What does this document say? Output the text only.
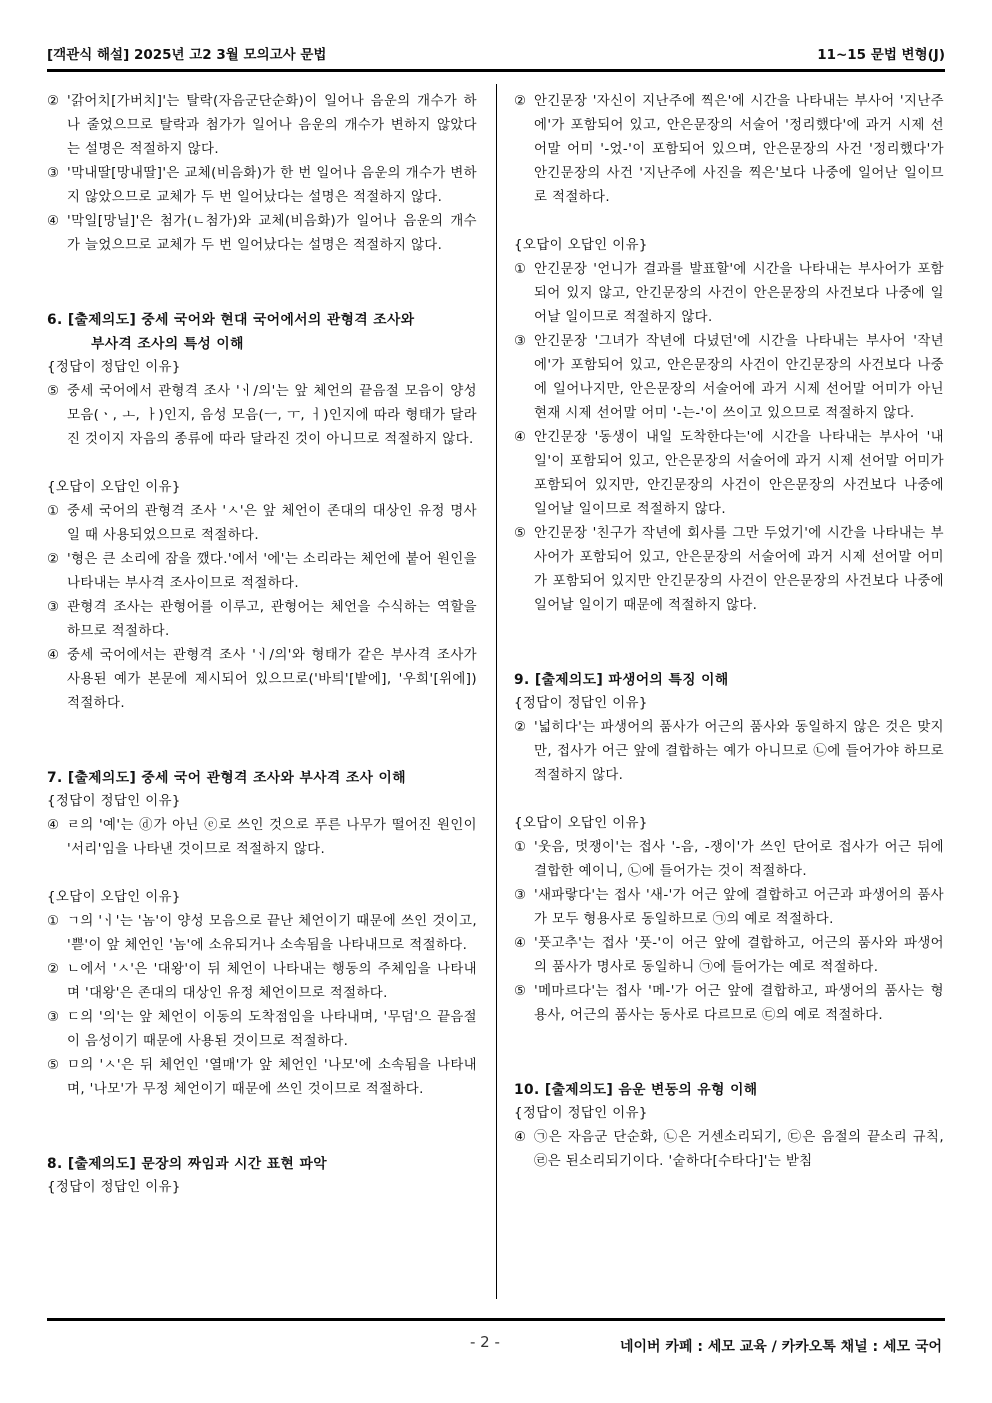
[객관식 해설] 2025년 고2 3월 모의고사 문법	11~15 문법 변형(J)
② '갉어치[가버치]'는 탈락(자음군단순화)이 일어나 음운의 개수가 하나 줄었으므로 탈락과 첨가가 일어나 음운의 개수가 변하지 않았다는 설명은 적절하지 않다.
③ '막내딸[망내딸]'은 교체(비음화)가 한 번 일어나 음운의 개수가 변하지 않았으므로 교체가 두 번 일어났다는 설명은 적절하지 않다.
④ '막일[망닐]'은 첨가(ㄴ첨가)와 교체(비음화)가 일어나 음운의 개수가 늘었으므로 교체가 두 번 일어났다는 설명은 적절하지 않다.
6. [출제의도] 중세 국어와 현대 국어에서의 관형격 조사와
부사격 조사의 특성 이해
{정답이 정답인 이유}
⑤ 중세 국어에서 관형격 조사 'ㆎ/의'는 앞 체언의 끝음절 모음이 양성 모음(ㆍ, ㅗ, ㅏ)인지, 음성 모음(ㅡ, ㅜ, ㅓ)인지에 따라 형태가 달라진 것이지 자음의 종류에 따라 달라진 것이 아니므로 적절하지 않다.
{오답이 오답인 이유}
① 중세 국어의 관형격 조사 'ㅅ'은 앞 체언이 존대의 대상인 유정 명사일 때 사용되었으므로 적절하다.
② '형은 큰 소리에 잠을 깼다.'에서 '에'는 소리라는 체언에 붙어 원인을 나타내는 부사격 조사이므로 적절하다.
③ 관형격 조사는 관형어를 이루고, 관형어는 체언을 수식하는 역할을 하므로 적절하다.
④ 중세 국어에서는 관형격 조사 'ㆎ/의'와 형태가 같은 부사격 조사가 사용된 예가 본문에 제시되어 있으므로('바틔'[밭에], '우희'[위에]) 적절하다.
7. [출제의도] 중세 국어 관형격 조사와 부사격 조사 이해
{정답이 정답인 이유}
④ ㄹ의 '예'는 ⓓ가 아닌 ⓔ로 쓰인 것으로 푸른 나무가 떨어진 원인이 '서리'임을 나타낸 것이므로 적절하지 않다.
{오답이 오답인 이유}
① ㄱ의 'ㆎ'는 '놈'이 양성 모음으로 끝난 체언이기 때문에 쓰인 것이고, '쁟'이 앞 체언인 '놈'에 소유되거나 소속됨을 나타내므로 적절하다.
② ㄴ에서 'ㅅ'은 '대왕'이 뒤 체언이 나타내는 행동의 주체임을 나타내며 '대왕'은 존대의 대상인 유정 체언이므로 적절하다.
③ ㄷ의 '의'는 앞 체언이 이동의 도착점임을 나타내며, '무덤'으 끝음절이 음성이기 때문에 사용된 것이므로 적절하다.
⑤ ㅁ의 'ㅅ'은 뒤 체언인 '열매'가 앞 체언인 '나모'에 소속됨을 나타내며, '나모'가 무정 체언이기 때문에 쓰인 것이므로 적절하다.
8. [출제의도] 문장의 짜임과 시간 표현 파악
{정답이 정답인 이유}
② 안긴문장 '자신이 지난주에 찍은'에 시간을 나타내는 부사어 '지난주에'가 포함되어 있고, 안은문장의 서술어 '정리했다'에 과거 시제 선어말 어미 '-었-'이 포함되어 있으며, 안은문장의 사건 '정리했다'가 안긴문장의 사건 '지난주에 사진을 찍은'보다 나중에 일어난 일이므로 적절하다.
{오답이 오답인 이유}
① 안긴문장 '언니가 결과를 발표할'에 시간을 나타내는 부사어가 포함되어 있지 않고, 안긴문장의 사건이 안은문장의 사건보다 나중에 일어날 일이므로 적절하지 않다.
③ 안긴문장 '그녀가 작년에 다녔던'에 시간을 나타내는 부사어 '작년에'가 포함되어 있고, 안은문장의 사건이 안긴문장의 사건보다 나중에 일어나지만, 안은문장의 서술어에 과거 시제 선어말 어미가 아닌 현재 시제 선어말 어미 '-는-'이 쓰이고 있으므로 적절하지 않다.
④ 안긴문장 '동생이 내일 도착한다는'에 시간을 나타내는 부사어 '내일'이 포함되어 있고, 안은문장의 서술어에 과거 시제 선어말 어미가 포함되어 있지만, 안긴문장의 사건이 안은문장의 사건보다 나중에 일어날 일이므로 적절하지 않다.
⑤ 안긴문장 '친구가 작년에 회사를 그만 두었기'에 시간을 나타내는 부사어가 포함되어 있고, 안은문장의 서술어에 과거 시제 선어말 어미가 포함되어 있지만 안긴문장의 사건이 안은문장의 사건보다 나중에 일어날 일이기 때문에 적절하지 않다.
9. [출제의도] 파생어의 특징 이해
{정답이 정답인 이유}
② '넓히다'는 파생어의 품사가 어근의 품사와 동일하지 않은 것은 맞지만, 접사가 어근 앞에 결합하는 예가 아니므로 ㉡에 들어가야 하므로 적절하지 않다.
{오답이 오답인 이유}
① '웃음, 멋쟁이'는 접사 '-음, -쟁이'가 쓰인 단어로 접사가 어근 뒤에 결합한 예이니, ㉡에 들어가는 것이 적절하다.
③ '새파랗다'는 접사 '새-'가 어근 앞에 결합하고 어근과 파생어의 품사가 모두 형용사로 동일하므로 ㉠의 예로 적절하다.
④ '풋고추'는 접사 '풋-'이 어근 앞에 결합하고, 어근의 품사와 파생어의 품사가 명사로 동일하니 ㉠에 들어가는 예로 적절하다.
⑤ '메마르다'는 접사 '메-'가 어근 앞에 결합하고, 파생어의 품사는 형용사, 어근의 품사는 동사로 다르므로 ㉢의 예로 적절하다.
10. [출제의도] 음운 변동의 유형 이해
{정답이 정답인 이유}
④ ㉠은 자음군 단순화, ㉡은 거센소리되기, ㉢은 음절의 끝소리 규칙, ㉣은 된소리되기이다. '숱하다[수타다]'는 받침
- 2 -	네이버 카페 : 세모 교육 / 카카오톡 채널 : 세모 국어
